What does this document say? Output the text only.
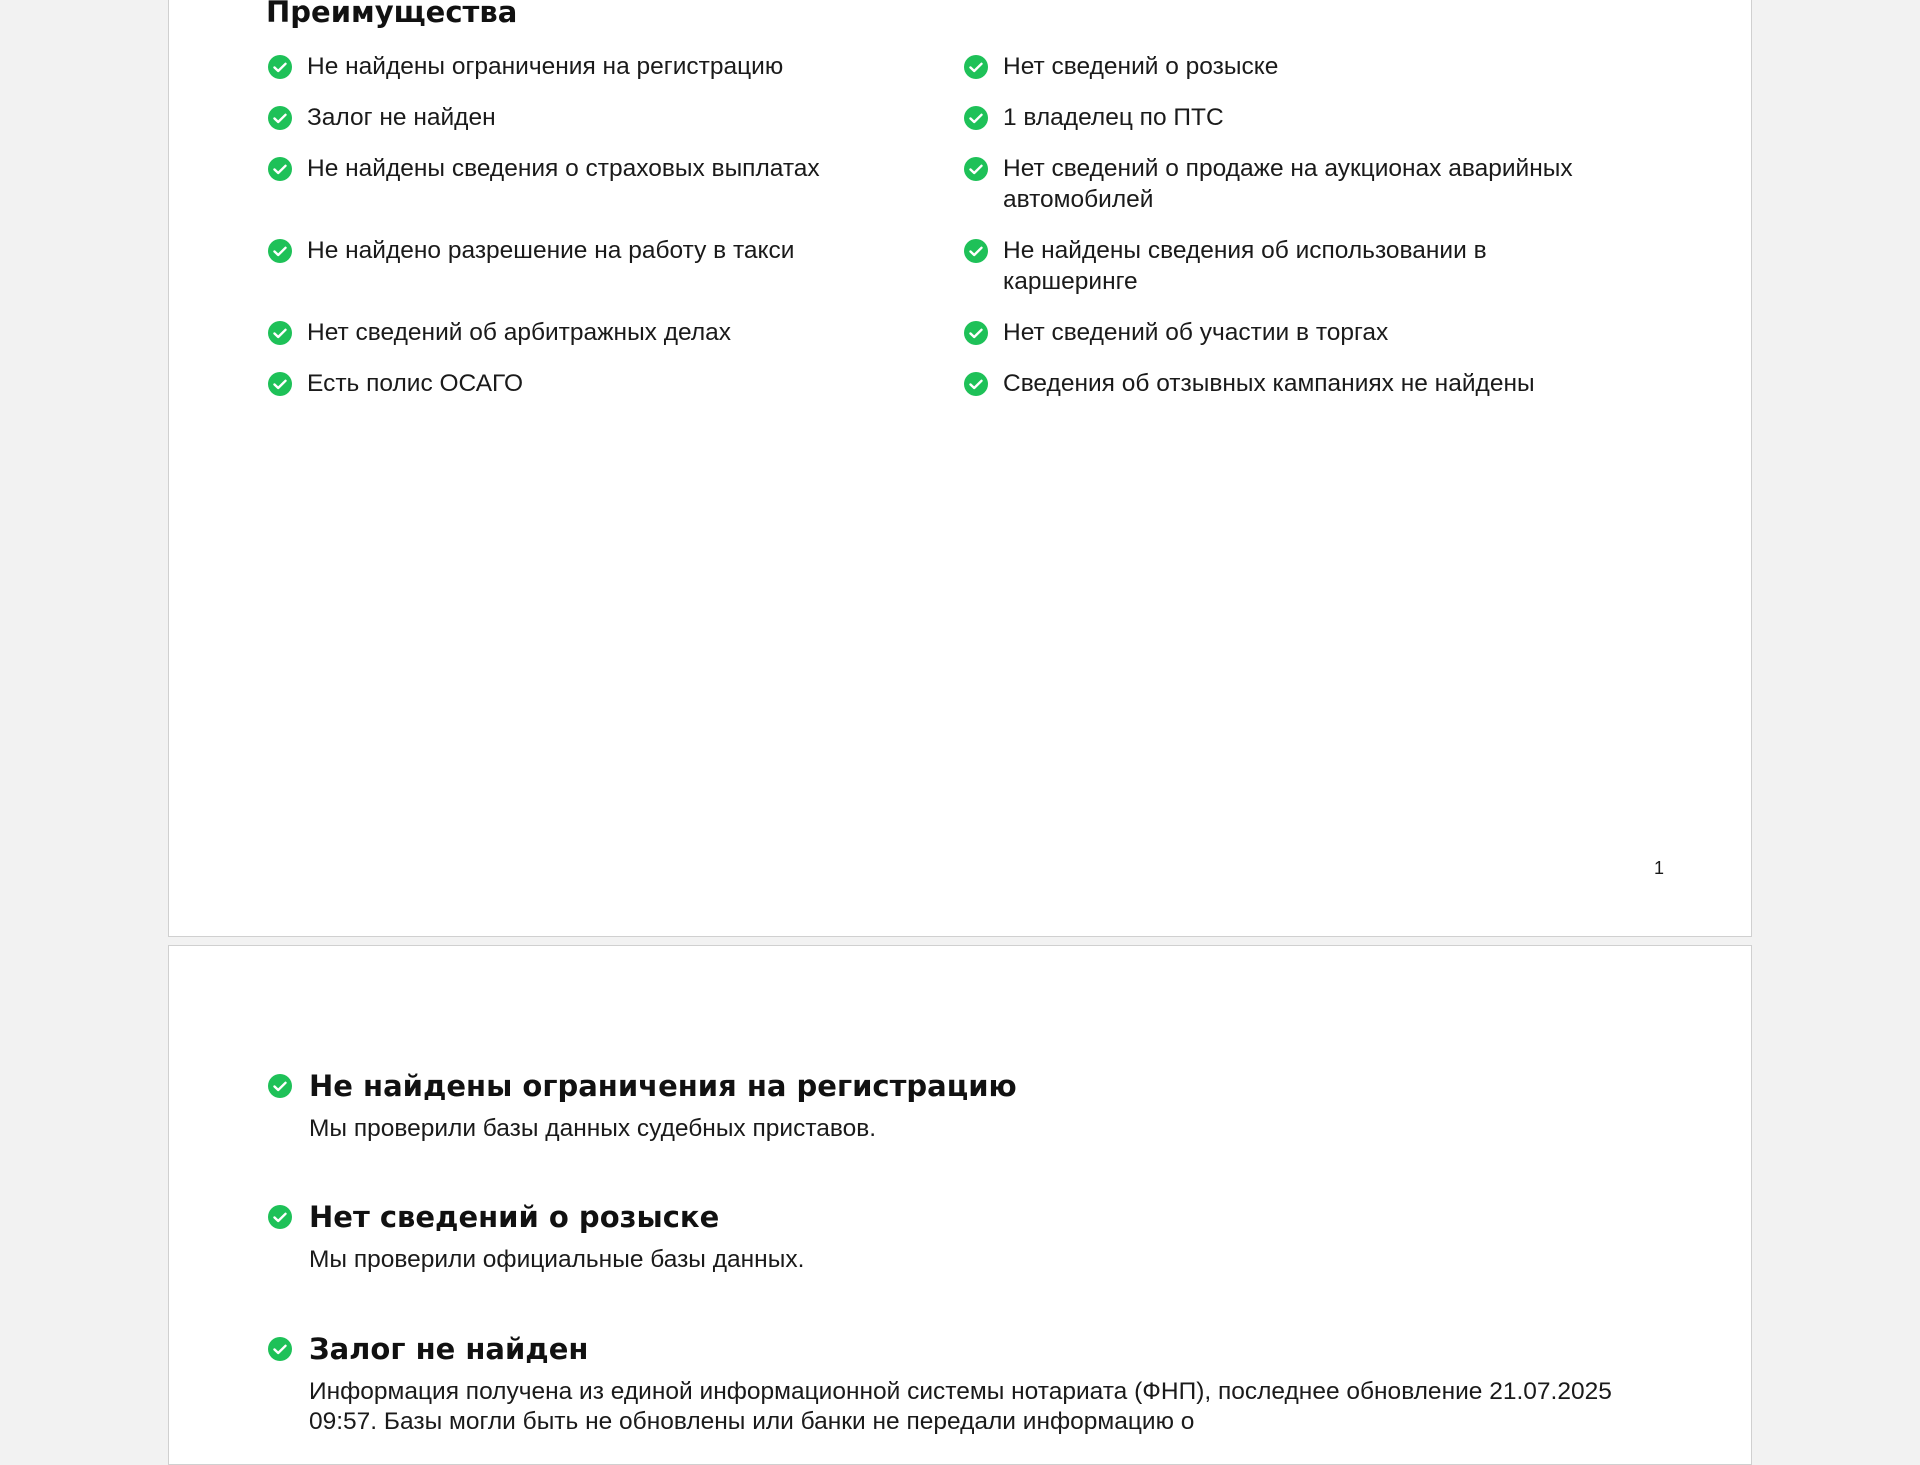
Преимущества
Не найдены ограничения на регистрацию
Залог не найден
Не найдены сведения о страховых выплатах
Не найдено разрешение на работу в такси
Нет сведений об арбитражных делах
Есть полис ОСАГО
Нет сведений о розыске
1 владелец по ПТС
Нет сведений о продаже на аукционах аварийных автомобилей
Не найдены сведения об использовании в каршеринге
Нет сведений об участии в торгах
Сведения об отзывных кампаниях не найдены
1
Не найдены ограничения на регистрацию
Мы проверили базы данных судебных приставов.
Нет сведений о розыске
Мы проверили официальные базы данных.
Залог не найден
Информация получена из единой информационной системы нотариата (ФНП), последнее обновление 21.07.2025 09:57. Базы могли быть не обновлены или банки не передали информацию о
